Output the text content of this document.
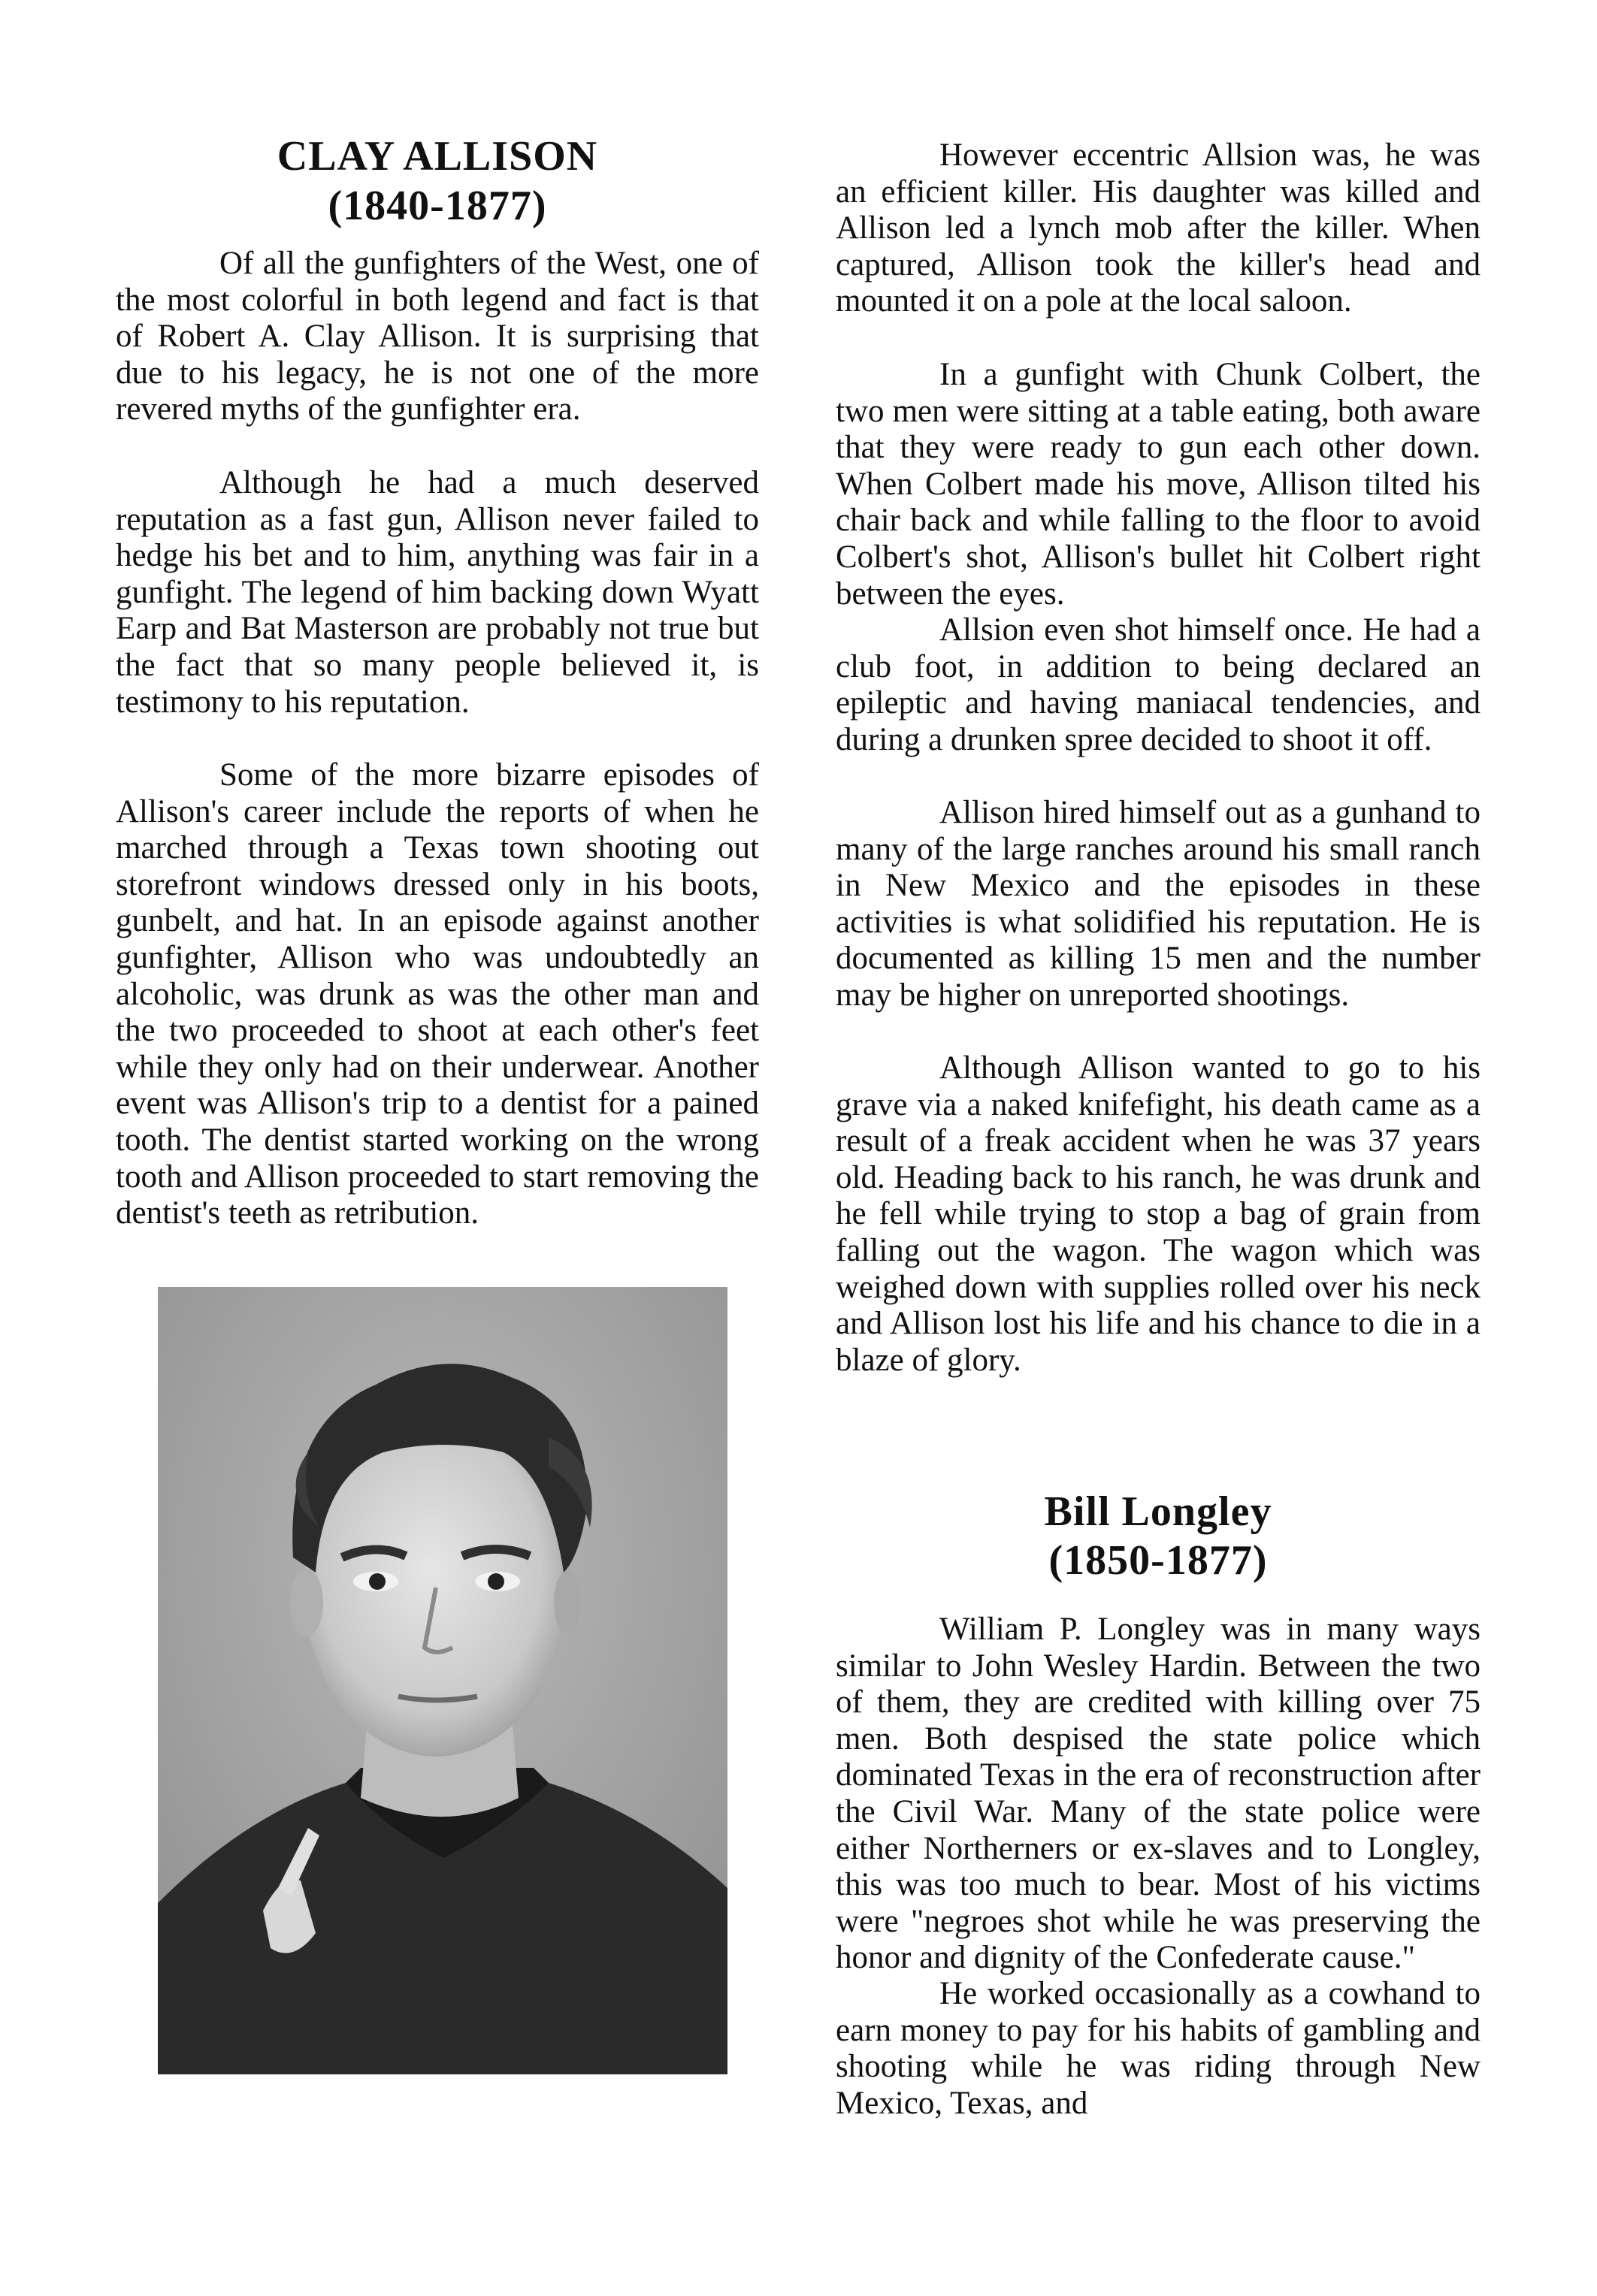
CLAY ALLISON
(1840-1877)

Of all the gunfighters of the West, one of the most colorful in both legend and fact is that of Robert A. Clay Allison. It is surprising that due to his legacy, he is not one of the more revered myths of the gunfighter era.

Although he had a much deserved reputation as a fast gun, Allison never failed to hedge his bet and to him, anything was fair in a gunfight. The legend of him backing down Wyatt Earp and Bat Masterson are probably not true but the fact that so many people believed it, is testimony to his reputation.

Some of the more bizarre episodes of Allison's career include the reports of when he marched through a Texas town shooting out storefront windows dressed only in his boots, gunbelt, and hat. In an episode against another gunfighter, Allison who was undoubtedly an alcoholic, was drunk as was the other man and the two proceeded to shoot at each other's feet while they only had on their underwear. Another event was Allison's trip to a dentist for a pained tooth. The dentist started working on the wrong tooth and Allison proceeded to start removing the dentist's teeth as retribution.

However eccentric Allsion was, he was an efficient killer. His daughter was killed and Allison led a lynch mob after the killer. When captured, Allison took the killer's head and mounted it on a pole at the local saloon.

In a gunfight with Chunk Colbert, the two men were sitting at a table eating, both aware that they were ready to gun each other down. When Colbert made his move, Allison tilted his chair back and while falling to the floor to avoid Colbert's shot, Allison's bullet hit Colbert right between the eyes.

Allsion even shot himself once. He had a club foot, in addition to being declared an epileptic and having maniacal tendencies, and during a drunken spree decided to shoot it off.

Allison hired himself out as a gunhand to many of the large ranches around his small ranch in New Mexico and the episodes in these activities is what solidified his reputation. He is documented as killing 15 men and the number may be higher on unreported shootings.

Although Allison wanted to go to his grave via a naked knifefight, his death came as a result of a freak accident when he was 37 years old. Heading back to his ranch, he was drunk and he fell while trying to stop a bag of grain from falling out the wagon. The wagon which was weighed down with supplies rolled over his neck and Allison lost his life and his chance to die in a blaze of glory.

Bill Longley
(1850-1877)

William P. Longley was in many ways similar to John Wesley Hardin. Between the two of them, they are credited with killing over 75 men. Both despised the state police which dominated Texas in the era of reconstruction after the Civil War. Many of the state police were either Northerners or ex-slaves and to Longley, this was too much to bear. Most of his victims were "negroes shot while he was preserving the honor and dignity of the Confederate cause."

He worked occasionally as a cowhand to earn money to pay for his habits of gambling and shooting while he was riding through New Mexico, Texas, and
